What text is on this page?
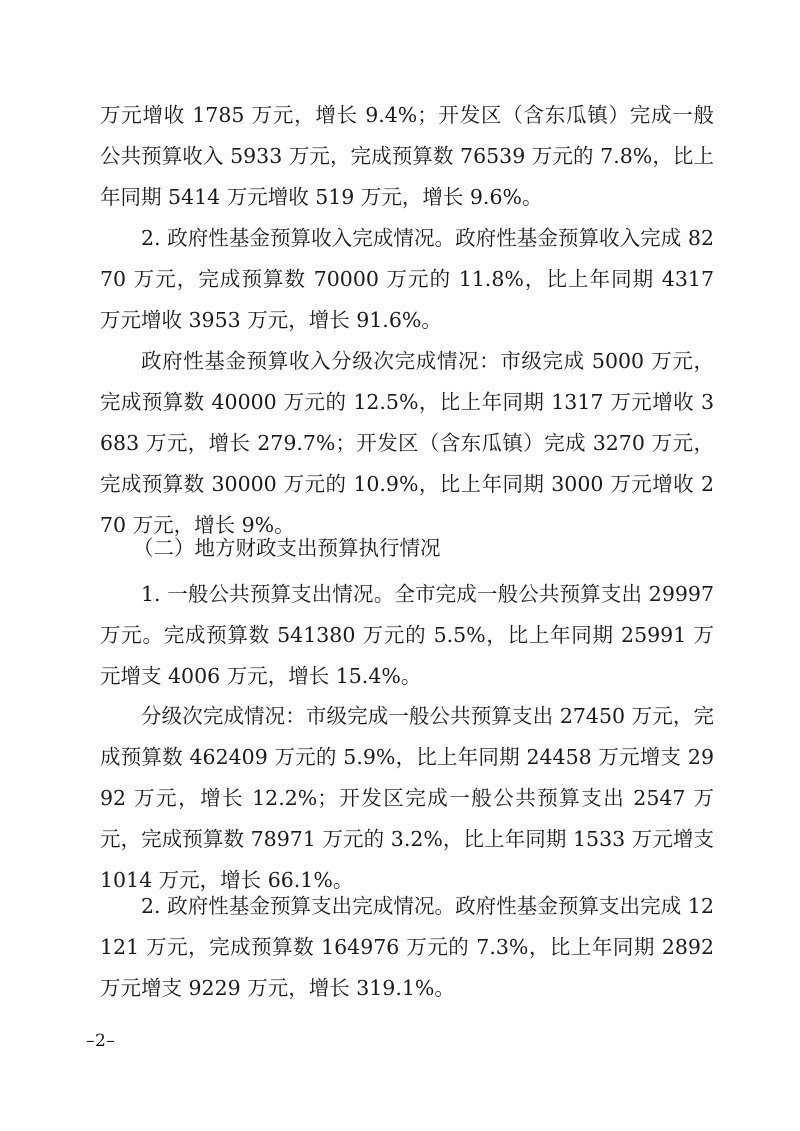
万元增收 1785 万元，增长 9.4%；开发区（含东瓜镇）完成一般公共预算收入 5933 万元，完成预算数 76539 万元的 7.8%，比上年同期 5414 万元增收 519 万元，增长 9.6%。

2. 政府性基金预算收入完成情况。政府性基金预算收入完成 8270 万元，完成预算数 70000 万元的 11.8%，比上年同期 4317 万元增收 3953 万元，增长 91.6%。

政府性基金预算收入分级次完成情况：市级完成 5000 万元，完成预算数 40000 万元的 12.5%，比上年同期 1317 万元增收 3683 万元，增长 279.7%；开发区（含东瓜镇）完成 3270 万元，完成预算数 30000 万元的 10.9%，比上年同期 3000 万元增收 270 万元，增长 9%。

（二）地方财政支出预算执行情况

1. 一般公共预算支出情况。全市完成一般公共预算支出 29997 万元。完成预算数 541380 万元的 5.5%，比上年同期 25991 万元增支 4006 万元，增长 15.4%。

分级次完成情况：市级完成一般公共预算支出 27450 万元，完成预算数 462409 万元的 5.9%，比上年同期 24458 万元增支 2992 万元，增长 12.2%；开发区完成一般公共预算支出 2547 万元，完成预算数 78971 万元的 3.2%，比上年同期 1533 万元增支 1014 万元，增长 66.1%。

2. 政府性基金预算支出完成情况。政府性基金预算支出完成 12121 万元，完成预算数 164976 万元的 7.3%，比上年同期 2892 万元增支 9229 万元，增长 319.1%。

–2–
